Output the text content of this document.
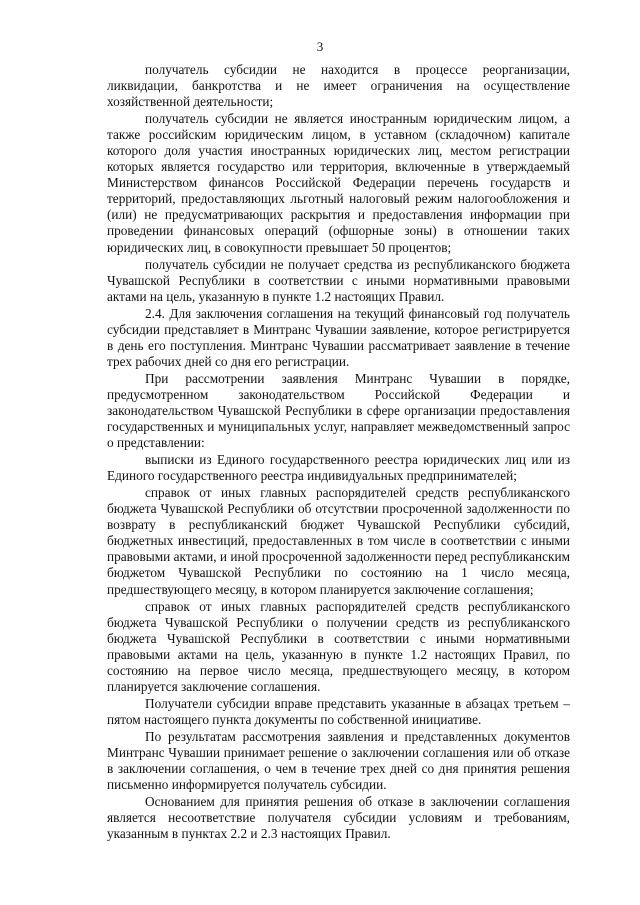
3

получатель субсидии не находится в процессе реорганизации, ликвидации, банкротства и не имеет ограничения на осуществление хозяйственной деятельности;

получатель субсидии не является иностранным юридическим лицом, а также российским юридическим лицом, в уставном (складочном) капитале которого доля участия иностранных юридических лиц, местом регистрации которых является государство или территория, включенные в утверждаемый Министерством финансов Российской Федерации перечень государств и территорий, предоставляющих льготный налоговый режим налогообложения и (или) не предусматривающих раскрытия и предоставления информации при проведении финансовых операций (офшорные зоны) в отношении таких юридических лиц, в совокупности превышает 50 процентов;

получатель субсидии не получает средства из республиканского бюджета Чувашской Республики в соответствии с иными нормативными правовыми актами на цель, указанную в пункте 1.2 настоящих Правил.

2.4. Для заключения соглашения на текущий финансовый год получатель субсидии представляет в Минтранс Чувашии заявление, которое регистрируется в день его поступления. Минтранс Чувашии рассматривает заявление в течение трех рабочих дней со дня его регистрации.

При рассмотрении заявления Минтранс Чувашии в порядке, предусмотренном законодательством Российской Федерации и законодательством Чувашской Республики в сфере организации предоставления государственных и муниципальных услуг, направляет межведомственный запрос о представлении:

выписки из Единого государственного реестра юридических лиц или из Единого государственного реестра индивидуальных предпринимателей;

справок от иных главных распорядителей средств республиканского бюджета Чувашской Республики об отсутствии просроченной задолженности по возврату в республиканский бюджет Чувашской Республики субсидий, бюджетных инвестиций, предоставленных в том числе в соответствии с иными правовыми актами, и иной просроченной задолженности перед республиканским бюджетом Чувашской Республики по состоянию на 1 число месяца, предшествующего месяцу, в котором планируется заключение соглашения;

справок от иных главных распорядителей средств республиканского бюджета Чувашской Республики о получении средств из республиканского бюджета Чувашской Республики в соответствии с иными нормативными правовыми актами на цель, указанную в пункте 1.2 настоящих Правил, по состоянию на первое число месяца, предшествующего месяцу, в котором планируется заключение соглашения.

Получатели субсидии вправе представить указанные в абзацах третьем – пятом настоящего пункта документы по собственной инициативе.

По результатам рассмотрения заявления и представленных документов Минтранс Чувашии принимает решение о заключении соглашения или об отказе в заключении соглашения, о чем в течение трех дней со дня принятия решения письменно информируется получатель субсидии.

Основанием для принятия решения об отказе в заключении соглашения является несоответствие получателя субсидии условиям и требованиям, указанным в пунктах 2.2 и 2.3 настоящих Правил.
